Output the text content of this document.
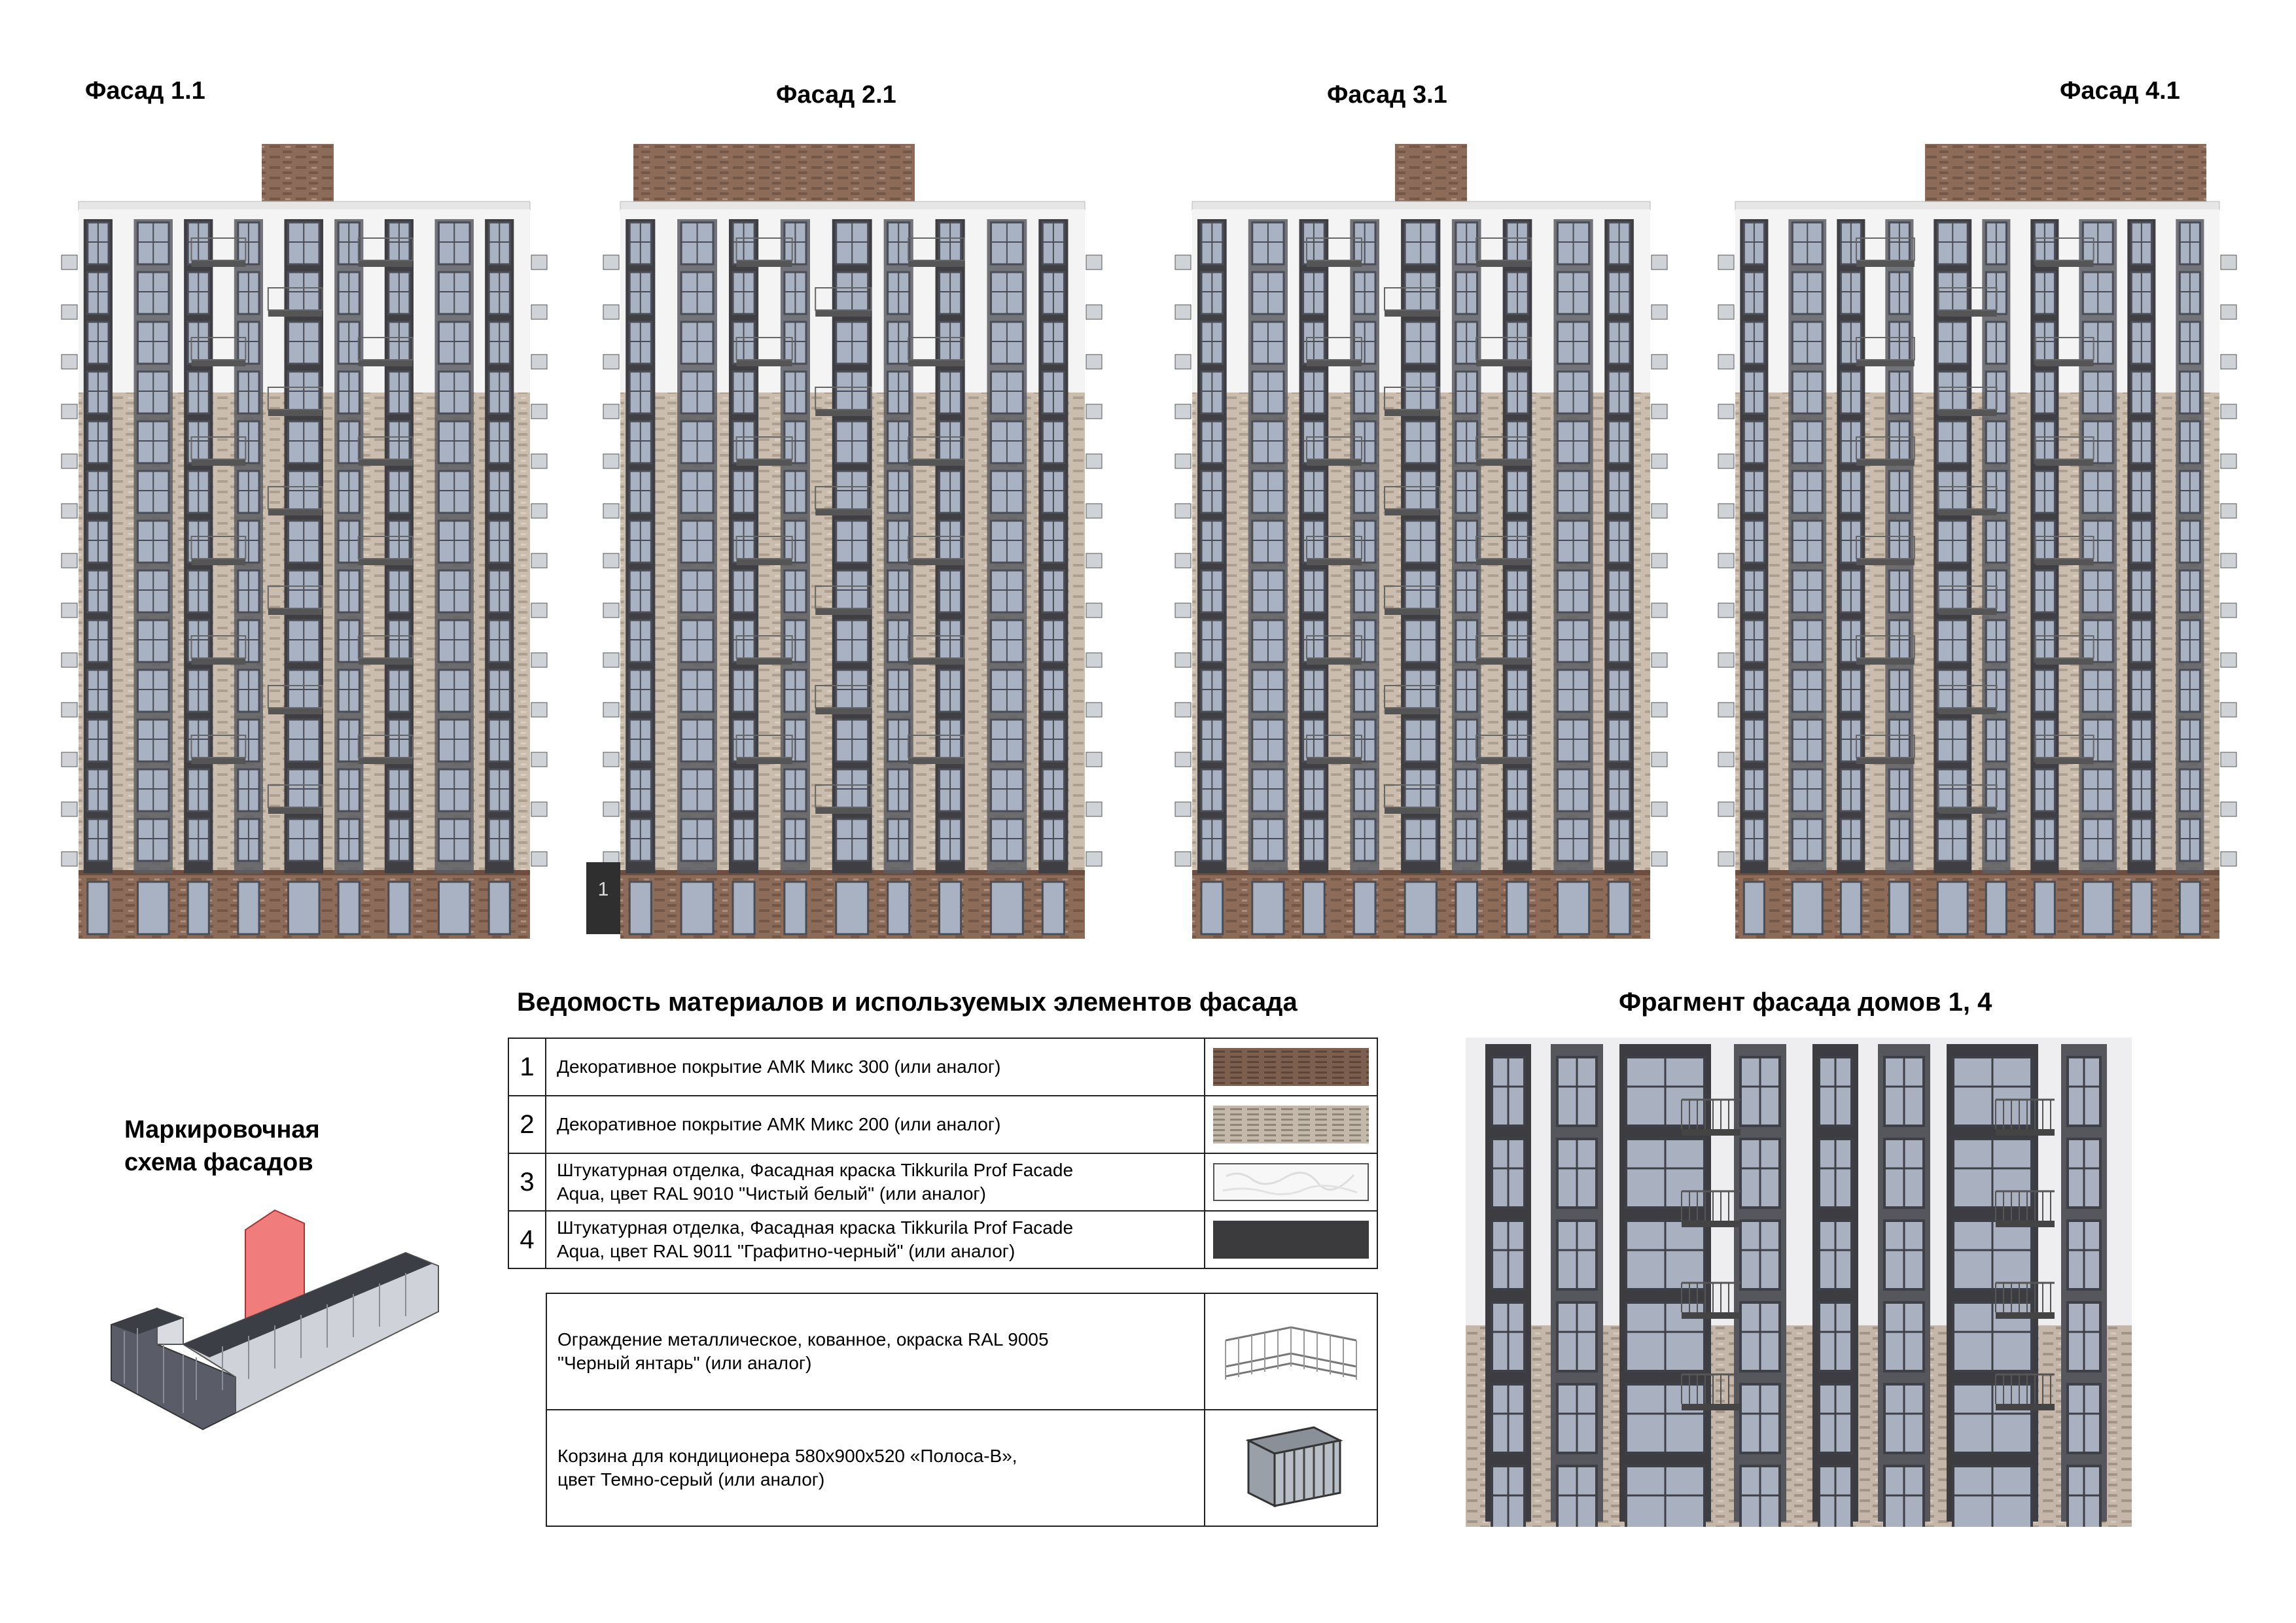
Фасад 1.1	Фасад 2.1	Фасад 3.1	Фасад 4.1
1
Ведомость материалов и используемых элементов фасада
1	Декоративное покрытие АМК Микс 300 (или аналог)	
2	Декоративное покрытие АМК Микс 200 (или аналог)	
3	Штукатурная отделка, Фасадная краска Tikkurila Prof Facade
Aqua, цвет RAL 9010 "Чистый белый" (или аналог)

4	Штукатурная отделка, Фасадная краска Tikkurila Prof Facade
Aqua, цвет RAL 9011 "Графитно-черный" (или аналог)

Ограждение металлическое, кованное, окраска RAL 9005
"Черный янтарь" (или аналог)

Корзина для кондиционера 580х900х520 «Полоса-В»,
цвет Темно-серый (или аналог)

Маркировочная
схема фасадов
Фрагмент фасада домов 1, 4
